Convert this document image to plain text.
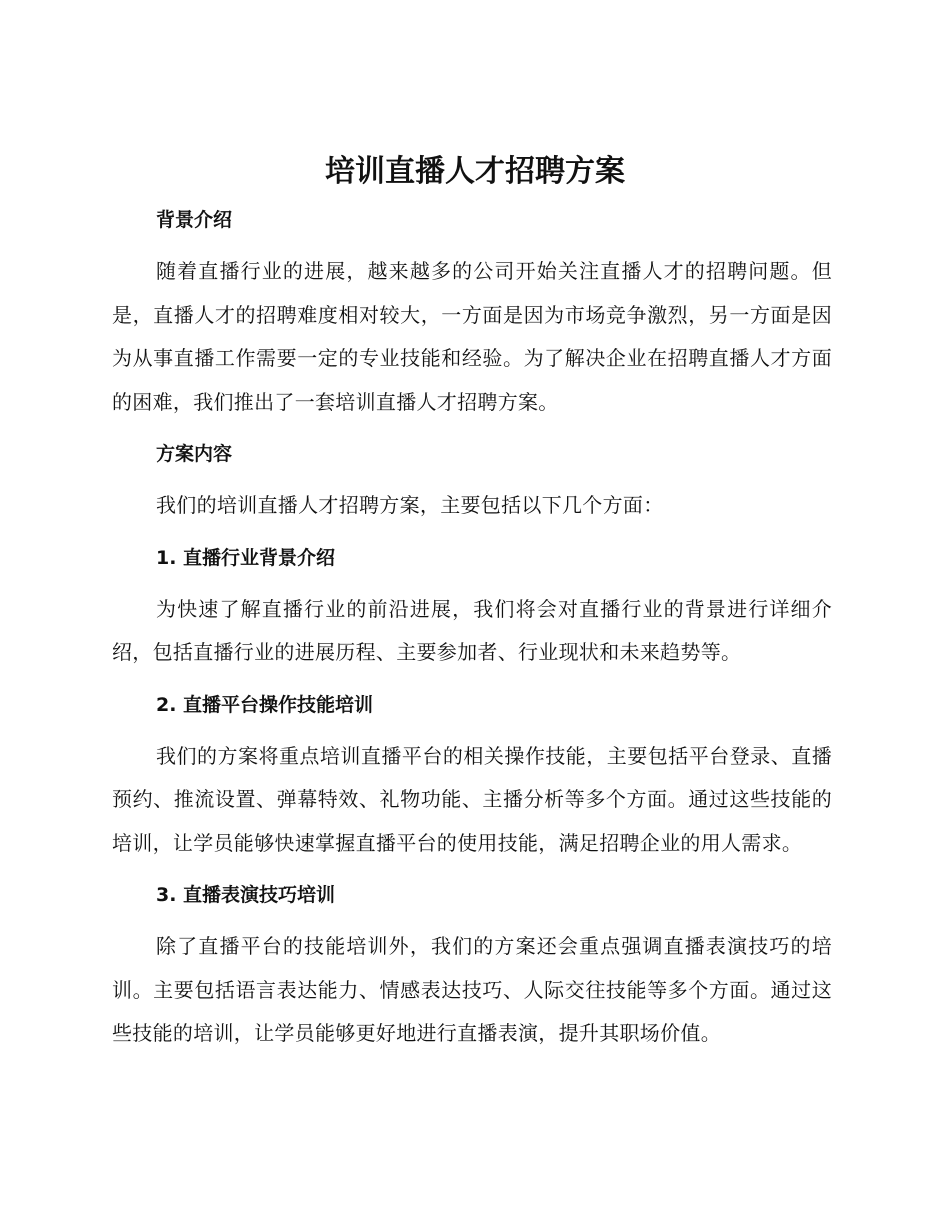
培训直播人才招聘方案
背景介绍

随着直播行业的进展，越来越多的公司开始关注直播人才的招聘问题。但是，直播人才的招聘难度相对较大，一方面是因为市场竞争激烈，另一方面是因为从事直播工作需要一定的专业技能和经验。为了解决企业在招聘直播人才方面的困难，我们推出了一套培训直播人才招聘方案。

方案内容

我们的培训直播人才招聘方案，主要包括以下几个方面：

1. 直播行业背景介绍

为快速了解直播行业的前沿进展，我们将会对直播行业的背景进行详细介绍，包括直播行业的进展历程、主要参加者、行业现状和未来趋势等。

2. 直播平台操作技能培训

我们的方案将重点培训直播平台的相关操作技能，主要包括平台登录、直播预约、推流设置、弹幕特效、礼物功能、主播分析等多个方面。通过这些技能的培训，让学员能够快速掌握直播平台的使用技能，满足招聘企业的用人需求。

3. 直播表演技巧培训

除了直播平台的技能培训外，我们的方案还会重点强调直播表演技巧的培训。主要包括语言表达能力、情感表达技巧、人际交往技能等多个方面。通过这些技能的培训，让学员能够更好地进行直播表演，提升其职场价值。
